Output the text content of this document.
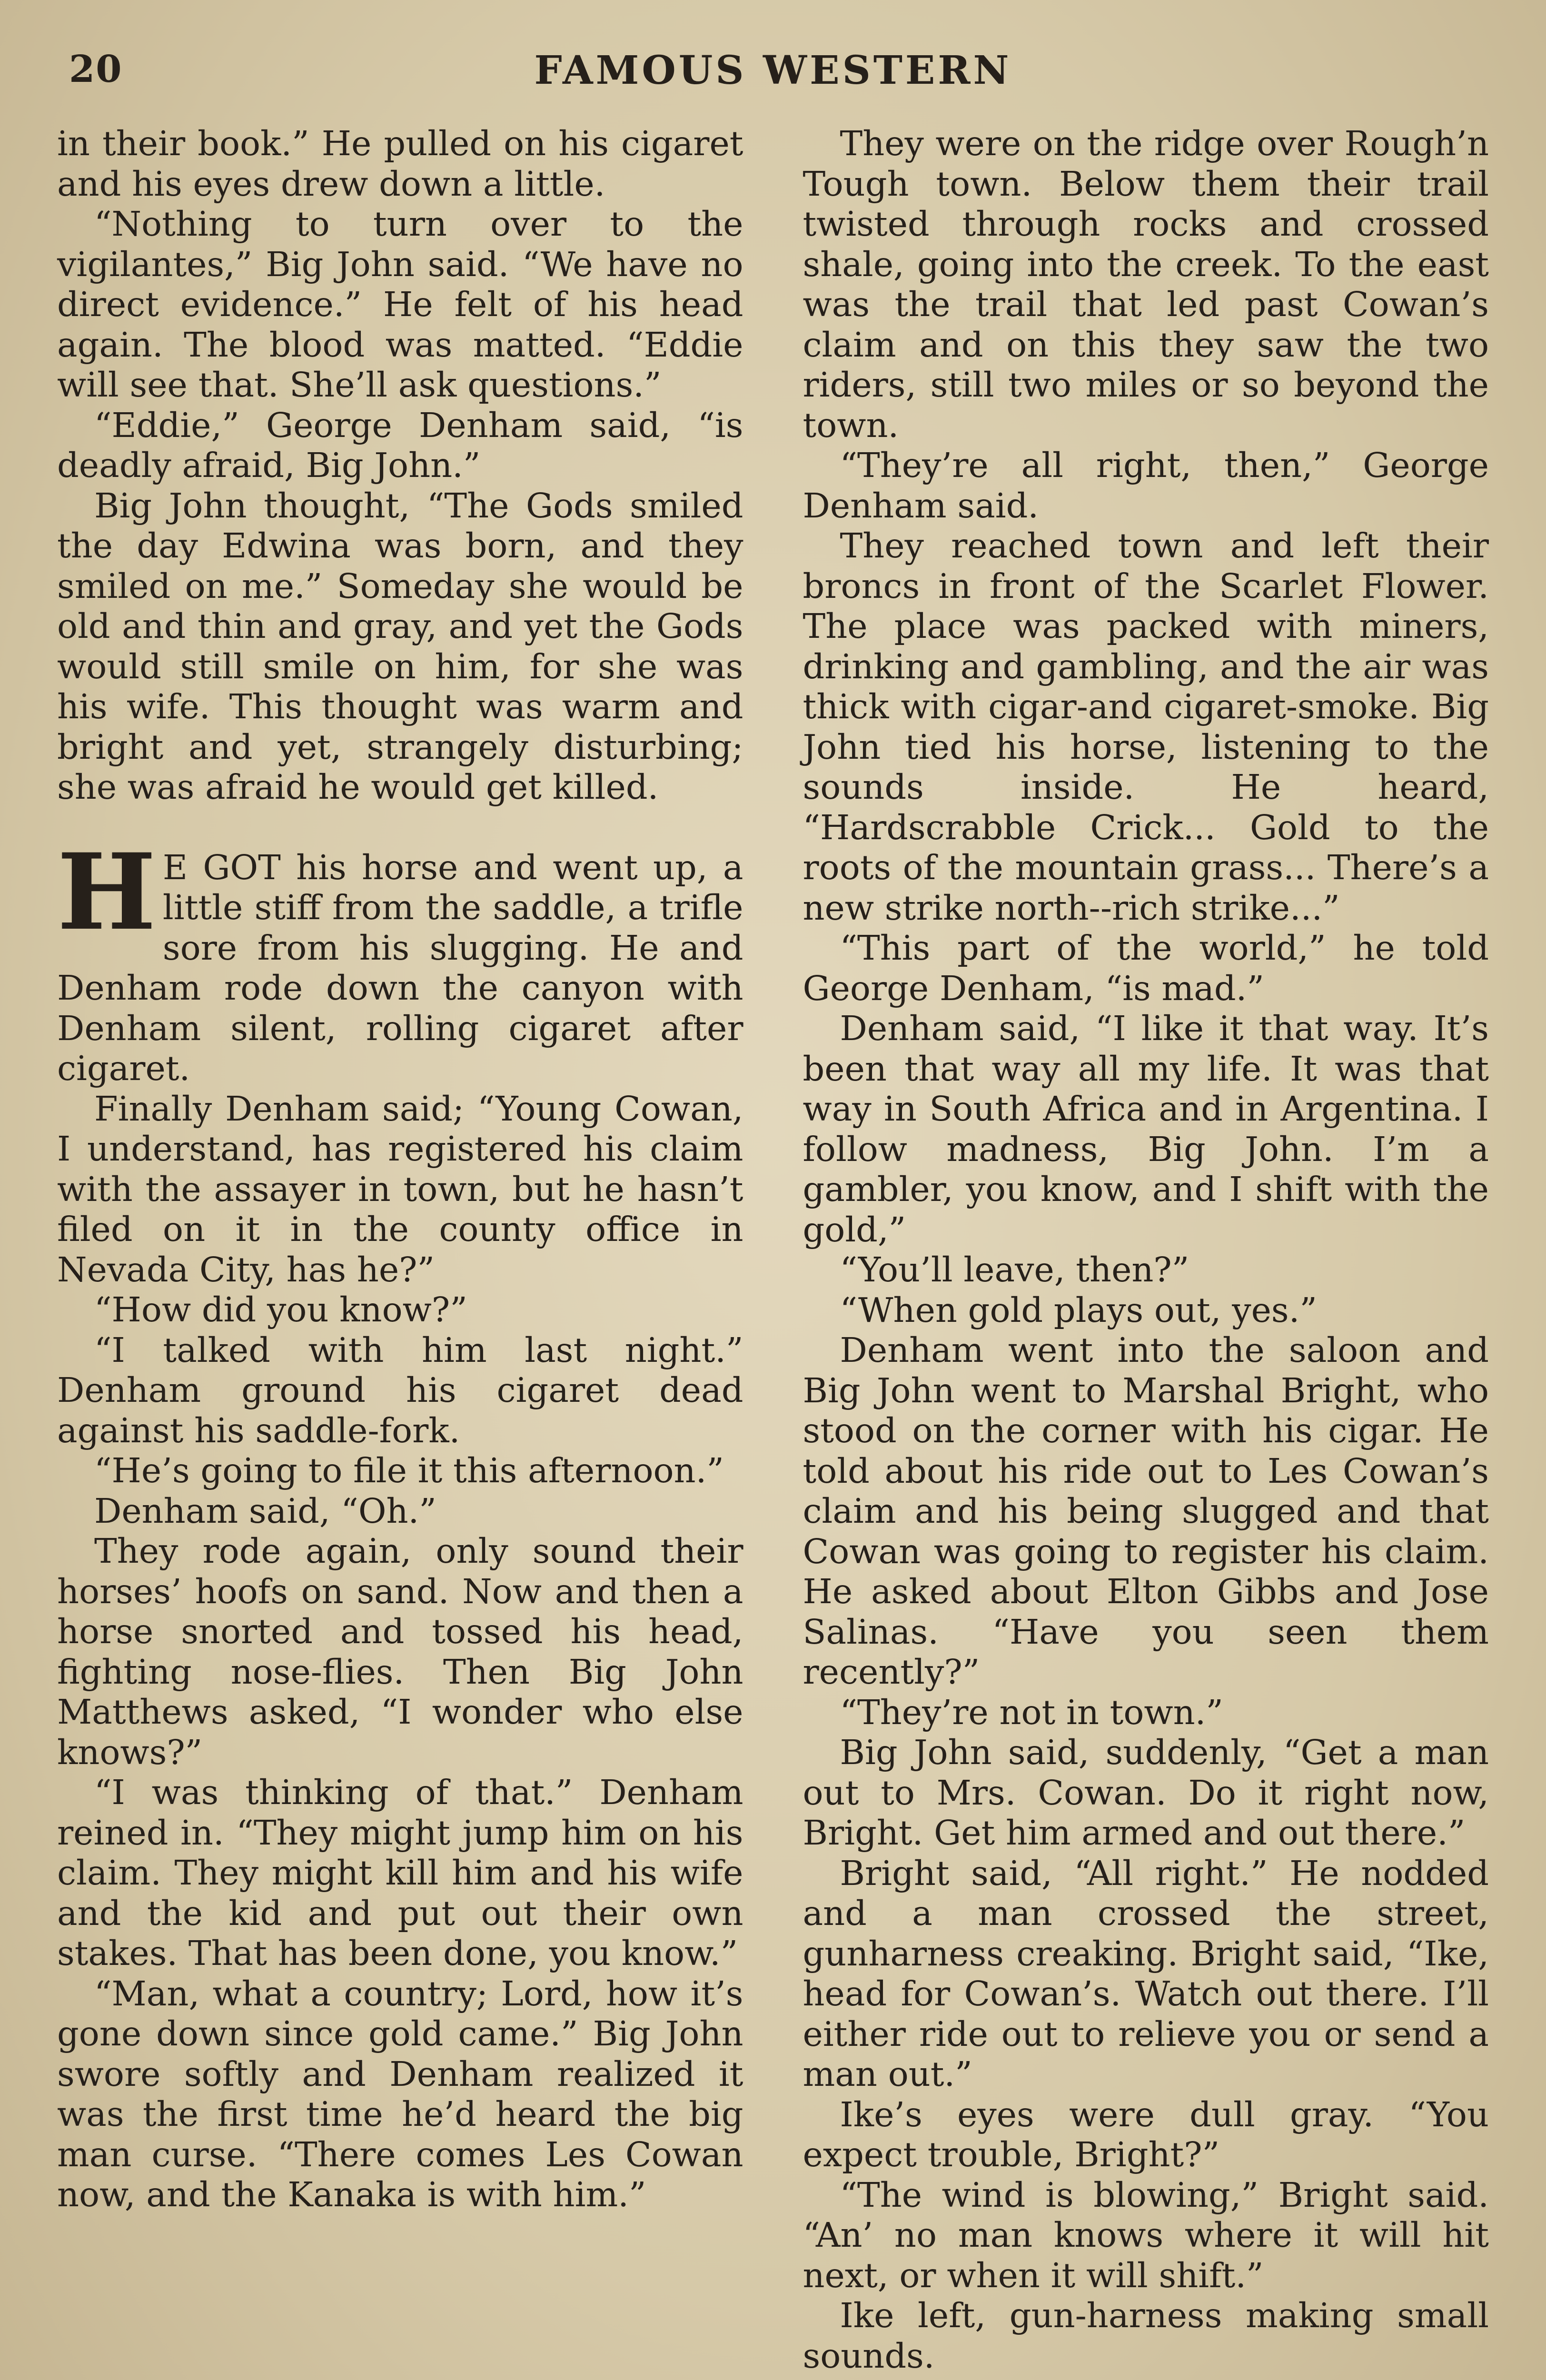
20	FAMOUS WESTERN

in their book.” He pulled on his cigaret and his eyes drew down a little.

“Nothing to turn over to the vigilantes,” Big John said. “We have no direct evidence.” He felt of his head again. The blood was matted. “Eddie will see that. She’ll ask questions.”

“Eddie,” George Denham said, “is deadly afraid, Big John.”

Big John thought, “The Gods smiled the day Edwina was born, and they smiled on me.” Someday she would be old and thin and gray, and yet the Gods would still smile on him, for she was his wife. This thought was warm and bright and yet, strangely disturbing; she was afraid he would get killed.

H E GOT his horse and went up, a little stiff from the saddle, a trifle sore from his slugging. He and Denham rode down the canyon with Denham silent, rolling cigaret after cigaret.

Finally Denham said; “Young Cowan, I understand, has registered his claim with the assayer in town, but he hasn’t filed on it in the county office in Nevada City, has he?”

“How did you know?”

“I talked with him last night.” Denham ground his cigaret dead against his saddle-fork.

“He’s going to file it this afternoon.”

Denham said, “Oh.”

They rode again, only sound their horses’ hoofs on sand. Now and then a horse snorted and tossed his head, fighting nose-flies. Then Big John Matthews asked, “I wonder who else knows?”

“I was thinking of that.” Denham reined in. “They might jump him on his claim. They might kill him and his wife and the kid and put out their own stakes. That has been done, you know.”

“Man, what a country; Lord, how it’s gone down since gold came.” Big John swore softly and Denham realized it was the first time he’d heard the big man curse. “There comes Les Cowan now, and the Kanaka is with him.”

They were on the ridge over Rough’n Tough town. Below them their trail twisted through rocks and crossed shale, going into the creek. To the east was the trail that led past Cowan’s claim and on this they saw the two riders, still two miles or so beyond the town.

“They’re all right, then,” George Denham said.

They reached town and left their broncs in front of the Scarlet Flower. The place was packed with miners, drinking and gambling, and the air was thick with cigar-and cigaret-smoke. Big John tied his horse, listening to the sounds inside. He heard, “Hardscrabble Crick... Gold to the roots of the mountain grass... There’s a new strike north--rich strike...”

“This part of the world,” he told George Denham, “is mad.”

Denham said, “I like it that way. It’s been that way all my life. It was that way in South Africa and in Argentina. I follow madness, Big John. I’m a gambler, you know, and I shift with the gold,”

“You’ll leave, then?”

“When gold plays out, yes.”

Denham went into the saloon and Big John went to Marshal Bright, who stood on the corner with his cigar. He told about his ride out to Les Cowan’s claim and his being slugged and that Cowan was going to register his claim. He asked about Elton Gibbs and Jose Salinas. “Have you seen them recently?”

“They’re not in town.”

Big John said, suddenly, “Get a man out to Mrs. Cowan. Do it right now, Bright. Get him armed and out there.”

Bright said, “All right.” He nodded and a man crossed the street, gunharness creaking. Bright said, “Ike, head for Cowan’s. Watch out there. I’ll either ride out to relieve you or send a man out.”

Ike’s eyes were dull gray. “You expect trouble, Bright?”

“The wind is blowing,” Bright said. “An’ no man knows where it will hit next, or when it will shift.”

Ike left, gun-harness making small sounds.
